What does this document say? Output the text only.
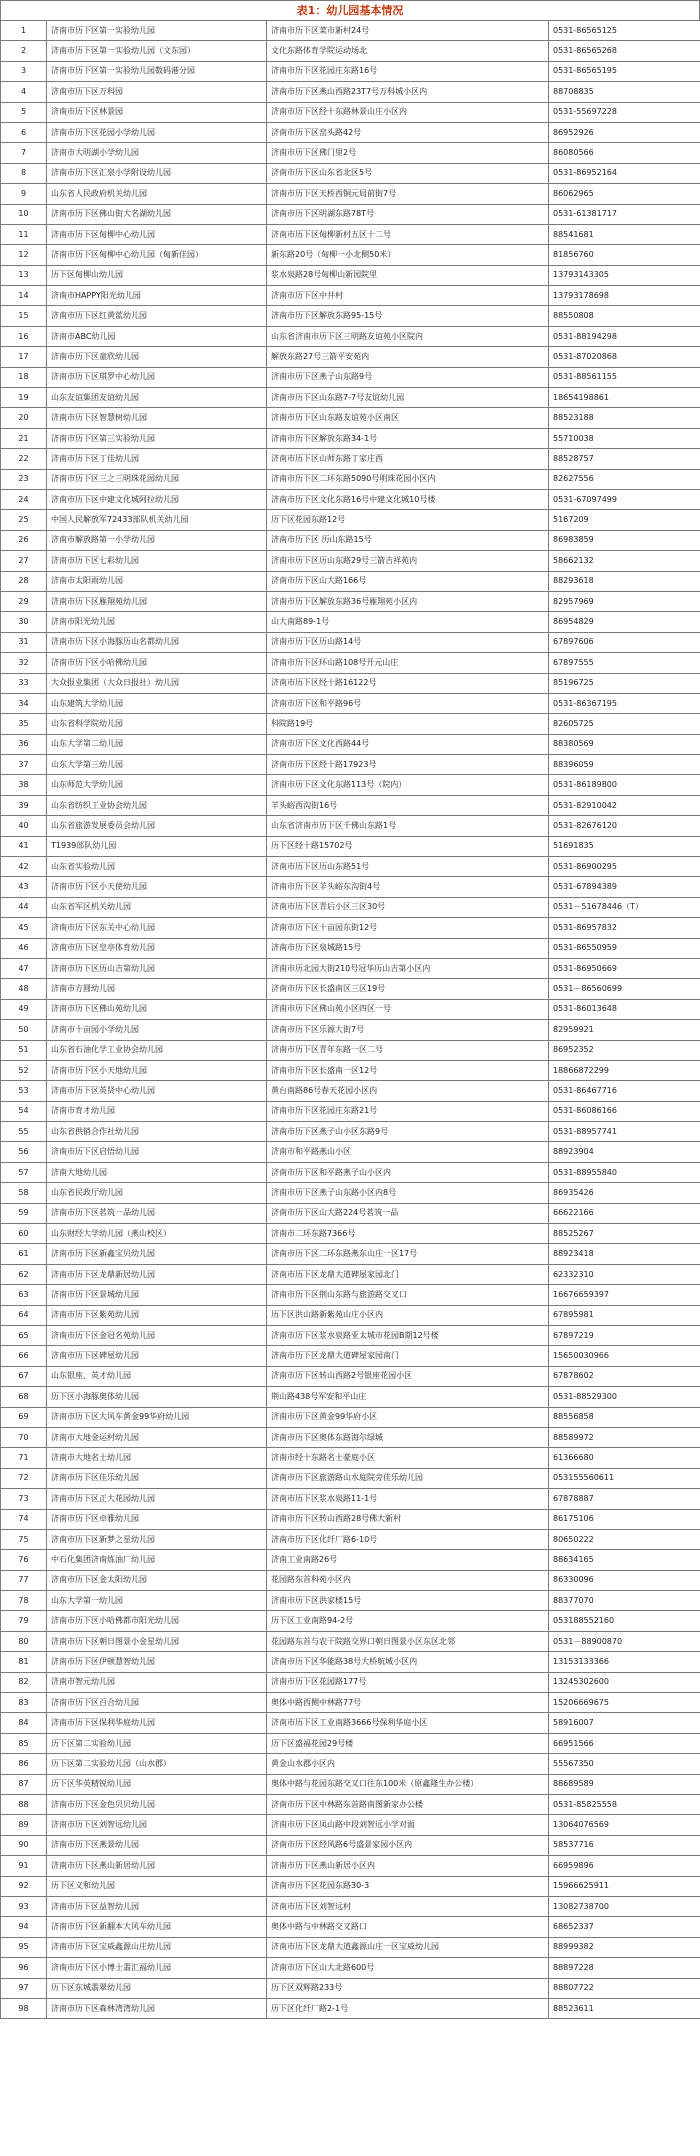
表1：幼儿园基本情况
1	济南市历下区第一实验幼儿园	济南市历下区菜市新村24号	0531-86565125
2	济南市历下区第一实验幼儿园（文东园）	文化东路体育学院运动场北	0531-86565268
3	济南市历下区第一实验幼儿园数码港分园	济南市历下区花园庄东路16号	0531-86565195
4	济南市历下区万科园	济南市历下区燕山西路23T7号万科城小区内	88708835
5	济南市历下区林景园	济南市历下区经十东路林景山庄小区内	0531-55697228
6	济南市历下区花园小学幼儿园	济南市历下区窑头路42号	86952926
7	济南市大明湖小学幼儿园	济南市历下区佛门里2号	86080566
8	济南市历下区汇泉小学附设幼儿园	济南市历下区山东省北区5号	0531-86952164
9	山东省人民政府机关幼儿园	济南市历下区天桥西铜元局前街7号	86062965
10	济南市历下区佛山街大名湖幼儿园	济南市历下区明湖东路78T号	0531-61381717
11	济南市历下区甸柳中心幼儿园	济南市历下区甸柳新村五区十二号	88541681
12	济南市历下区甸柳中心幼儿园（甸新佳园）	新东路20号（甸柳一小北侧50米）	81856760
13	历下区甸柳山幼儿园	浆水泉路28号甸柳山新园院里	13793143305
14	济南市HAPPY阳光幼儿园	济南市历下区中井村	13793178698
15	济南市历下区红黄蓝幼儿园	济南市历下区解放东路95-15号	88550808
16	济南市ABC幼儿园	山东省济南市历下区三明路友谊苑小区院内	0531-88194298
17	济南市历下区童欣幼儿园	解放东路27号三箭平安苑内	0531-87020868
18	济南市历下区琪罗中心幼儿园	济南市历下区燕子山东路9号	0531-88561155
19	山东友谊集团友谊幼儿园	济南市历下区山东路7-7号友谊幼儿园	18654198861
20	济南市历下区智慧树幼儿园	济南市历下区山东路友谊苑小区南区	88523188
21	济南市历下区第三实验幼儿园	济南市历下区解放东路34-1号	55710038
22	济南市历下区丁佳幼儿园	济南市历下区山师东路丁家庄西	88528757
23	济南市历下区三之三明珠花园幼儿园	济南市历下区二环东路5090号明珠花园小区内	82627556
24	济南市历下区中建文化城阿拉幼儿园	济南市历下区文化东路16号中建文化城10号楼	0531-67097499
25	中国人民解放军72433部队机关幼儿园	历下区花园东路12号	5167209
26	济南市解放路第一小学幼儿园	济南市历下区 历山东路15号	86983859
27	济南市历下区七彩幼儿园	济南市历下区历山东路29号三箭吉祥苑内	58662132
28	济南市太阳雨幼儿园	济南市历下区山大路166号	88293618
29	济南市历下区雁翔苑幼儿园	济南市历下区解放东路36号雁翔苑小区内	82957969
30	济南市阳光幼儿园	山大南路89-1号	86954829
31	济南市历下区小海豚历山名都幼儿园	济南市历下区历山路14号	67897606
32	济南市历下区小哈佛幼儿园	济南市历下区环山路108号开元山庄	67897555
33	大众报业集团（大众日报社）幼儿园	济南市历下区经十路16122号	85196725
34	山东建筑大学幼儿园	济南市历下区和平路96号	0531-86367195
35	山东省科学院幼儿园	科院路19号	82605725
36	山东大学第二幼儿园	济南市历下区文化西路44号	88380569
37	山东大学第三幼儿园	济南市历下区经十路17923号	88396059
38	山东师范大学幼儿园	济南市历下区文化东路113号（院内）	0531-86189800
39	山东省纺织工业协会幼儿园	羊头峪西沟街16号	0531-82910042
40	山东省旅游发展委员会幼儿园	山东省济南市历下区千佛山东路1号	0531-82676120
41	T1939部队幼儿园	历下区经十路15702号	51691835
42	山东省实验幼儿园	济南市历下区历山东路51号	0531-86900295
43	济南市历下区小天使幼儿园	济南市历下区羊头峪东沟街4号	0531-67894389
44	山东省军区机关幼儿园	济南市历下区青后小区三区30号	0531－51678446（T）
45	济南市历下区东关中心幼儿园	济南市历下区十亩园东街12号	0531-86957832
46	济南市历下区皇亭体育幼儿园	济南市历下区泉城路15号	0531-86550959
47	济南市历下区历山吉第幼儿园	济南市历北园大街210号冠华历山吉第小区内	0531-86950669
48	济南市方圆幼儿园	济南市历下区长盛南区三区19号	0531－86560699
49	济南市历下区佛山苑幼儿园	济南市历下区佛山苑小区四区一号	0531-86013648
50	济南市十亩园小学幼儿园	济南市历下区乐源大街7号	82959921
51	山东省石油化学工业协会幼儿园	济南市历下区青年东路一区二号	86952352
52	济南市历下区小天地幼儿园	济南市历下区长盛南一区12号	18866872299
53	济南市历下区英贤中心幼儿园	黄台南路86号春天花园小区内	0531-86467716
54	济南市育才幼儿园	济南市历下区花园庄东路21号	0531-86086166
55	山东省供销合作社幼儿园	济南市历下区燕子山小区东路9号	0531-88957741
56	济南市历下区启悟幼儿园	济南市和平路燕山小区	88923904
57	济南大地幼儿园	济南市历下区和平路燕子山小区内	0531-88955840
58	山东省民政厅幼儿园	济南市历下区燕子山东路小区内8号	86935426
59	济南市历下区茗筑一品幼儿园	济南市历下区山大路224号茗筑一品	66622166
60	山东财经大学幼儿园（燕山校区）	济南市二环东路7366号	88525267
61	济南市历下区新鑫宝贝幼儿园	济南市历下区二环东路燕东山庄一区17号	88923418
62	济南市历下区龙鼎新居幼儿园	济南市历下区龙鼎大道碑屋家园北门	62332310
63	济南市历下区景城幼儿园	济南市历下区荆山东路与旅游路交叉口	16676659397
64	济南市历下区紫苑幼儿园	历下区洪山路新紫苑山庄小区内	67895981
65	济南市历下区金冠名苑幼儿园	济南市历下区浆水泉路亚太城市花园B期12号楼	67897219
66	济南市历下区碑屋幼儿园	济南市历下区龙鼎大道碑屋家园南门	15650030966
67	山东银座、英才幼儿园	济南市历下区转山西路2号银座花园小区	67878602
68	历下区小海豚奥体幼儿园	荆山路438号军安和平山庄	0531-88529300
69	济南市历下区大风车黄金99华府幼儿园	济南市历下区黄金99华府小区	88556858
70	济南市大地金运村幼儿园	济南市历下区奥体东路海尔绿城	88589972
71	济南市大地名士幼儿园	济南市经十东路名士豪庭小区	61366680
72	济南市历下区佳乐幼儿园	济南市历下区旅游路山水庭院旁佳乐幼儿园	053155560611
73	济南市历下区正大花园幼儿园	济南市历下区浆水泉路11-1号	67878887
74	济南市历下区卓雅幼儿园	济南市历下区转山西路28号佛大新村	86175106
75	济南市历下区新梦之星幼儿园	济南市历下区化纤厂路6-10号	80650222
76	中石化集团济南炼油厂幼儿园	济南工业南路26号	88634165
77	济南市历下区金太阳幼儿园	花园路东首科苑小区内	86330096
78	山东大学第一幼儿园	济南市历下区洪家楼15号	88377070
79	济南市历下区小哈佛都市阳光幼儿园	历下区工业南路94-2号	053188552160
80	济南市历下区朝日图景小金星幼儿园	花园路东首与农干院路交界口朝日图景小区东区北邻	0531－88900870
81	济南市历下区伊顿慧智幼儿园	济南市历下区华能路38号大桥航城小区内	13153133366
82	济南市智元幼儿园	济南市历下区花园路177号	13245302600
83	济南市历下区百合幼儿园	奥体中路西侧中林路77号	15206669675
84	济南市历下区保利华庭幼儿园	济南市历下区工业南路3666号保利华庭小区	58916007
85	历下区第二实验幼儿园	历下区盛福花园29号楼	66951566
86	历下区第二实验幼儿园（山水郡）	黄金山水郡小区内	55567350
87	历下区华英精锐幼儿园	奥体中路与花园东路交叉口往东100米（原鑫隆生办公楼）	88689589
88	济南市历下区金色贝贝幼儿园	济南市历下区中林路东首路南图新家办公楼	0531-85825558
89	济南市历下区刘智远幼儿园	济南市历下区凤山路中段刘智远小学对面	13064076569
90	济南市历下区燕景幼儿园	济南市历下区经风路6号盛景家园小区内	58537716
91	济南市历下区燕山新居幼儿园	济南市历下区燕山新居小区内	66959896
92	历下区义和幼儿园	济南市历下区花园东路30-3	15966625911
93	济南市历下区益智幼儿园	济南市历下区刘智远村	13082738700
94	济南市历下区新翻本大风车幼儿园	奥体中路与中林路交叉路口	68652337
95	济南市历下区宝威鑫源山庄幼儿园	济南市历下区龙鼎大道鑫源山庄一区宝威幼儿园	88999382
96	济南市历下区小博士翡汇福幼儿园	济南市历下区山大北路600号	88897228
97	历下区东城翡翠幼儿园	历下区双辉路233号	88807722
98	济南市历下区森林湾湾幼儿园	历下区化纤厂路2-1号	88523611
